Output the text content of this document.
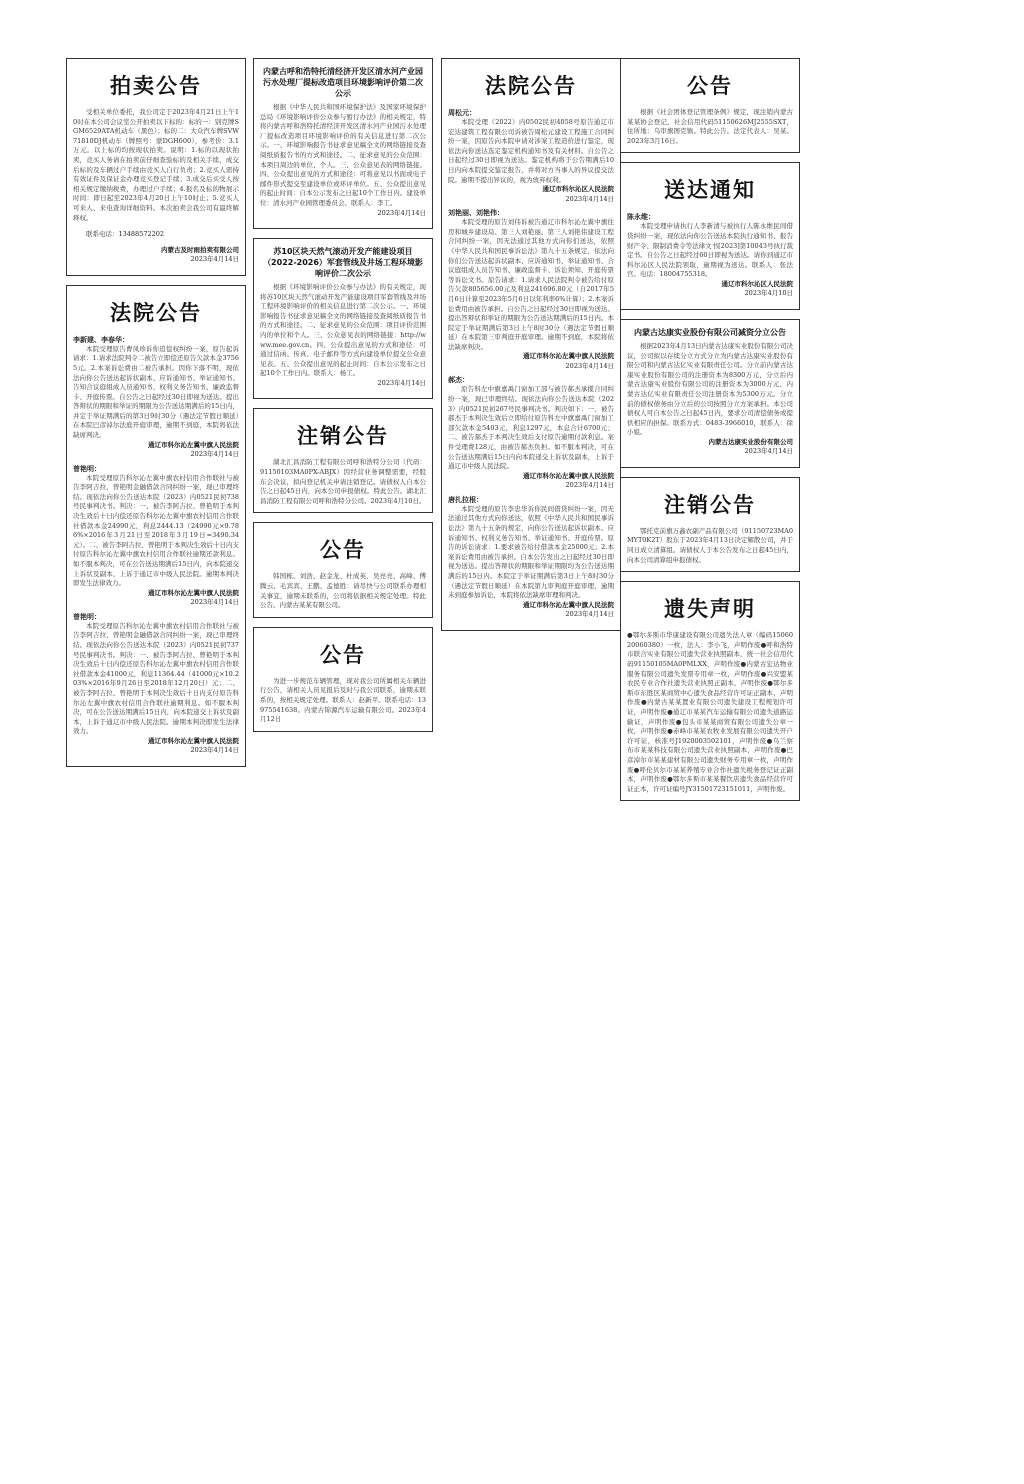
拍卖公告

受相关单位委托，我公司定于2023年4月21日上午10时在本公司会议室公开拍卖以下标的：标的一：别克牌SGM6529ATA机动车（黑色）；标的二：大众汽车牌SVW71810DJ机动车（牌照号：蒙DGH600），参考价：3.1万元。以上标的均按现状拍卖。说明：1.标的以现状拍卖，竞买人务请在拍卖前仔细查验标的及相关手续，成交后标的及车辆过户手续由竞买人自行负责；2.竞买人需持有效证件及保证金办理竞买登记手续；3.成交后买受人按相关规定缴纳税费，办理过户手续；4.报名及标的物展示时间：即日起至2023年4月20日上午10时止；5.竞买人可来人、来电查询详细资料。本次拍卖会我公司有最终解释权。

联系电话：13488572202

内蒙古及时雨拍卖有限公司
2023年4月14日
法院公告
李新建、李春华：

本院受理原告曹凤珍诉你追偿权纠纷一案，原告起诉请求：1.请求法院判令二被告立即偿还原告欠款本金37565元。2.本案诉讼费由二被告承担。因你下落不明，现依法向你公告送达起诉状副本、应诉通知书、举证通知书、告知合议庭组成人员通知书、权利义务告知书、廉政监督卡、开庭传票。自公告之日起经过30日即视为送达。提出答辩状的期限和举证的期限为公告送达期满后的15日内，并定于举证期满后的第3日9时30分（遇法定节假日顺延）在本院巴彦淖尔法庭开庭审理，逾期不到庭，本院将依法缺席判决。

通辽市科尔沁左翼中旗人民法院
2023年4月14日
曾艳明：

本院受理原告科尔沁左翼中旗农村信用合作联社与被告李阿吉拉、曾艳明金融借款合同纠纷一案，现已审理终结。现依法向你公告送达本院（2023）内0521民初738号民事判决书。判决：一、被告李阿吉拉、曾艳明于本判决生效后十日内偿还原告科尔沁左翼中旗农村信用合作联社借款本金24990元，利息2444.13（24990元×9.786%×2016年3月21日至2018年3月19日=3490.34元）。二、被告李阿吉拉、曾艳明于本判决生效后十日内支付原告科尔沁左翼中旗农村信用合作联社逾期还款利息。如不服本判决，可在公告送达期满后15日内，向本院递交上诉状及副本，上诉于通辽市中级人民法院。逾期本判决即发生法律效力。

通辽市科尔沁左翼中旗人民法院
2023年4月14日
曾艳明：

本院受理原告科尔沁左翼中旗农村信用合作联社与被告李阿吉拉、曾艳明金融借款合同纠纷一案，现已审理终结。现依法向你公告送达本院（2023）内0521民初737号民事判决书。判决：一、被告李阿吉拉、曾艳明于本判决生效后十日内偿还原告科尔沁左翼中旗农村信用合作联社借款本金41000元，利息11364.44（41000元×10.203%×2016年9月26日至2018年12月20日）元；二、被告李阿吉拉、曾艳明于本判决生效后十日内支付原告科尔沁左翼中旗农村信用合作联社逾期利息。如不服本判决，可在公告送达期满后15日内，向本院递交上诉状及副本，上诉于通辽市中级人民法院。逾期本判决即发生法律效力。

通辽市科尔沁左翼中旗人民法院
2023年4月14日
内蒙古呼和浩特托清经济开发区清水河产业园污水处理厂提标改造项目环境影响评价第二次公示

根据《中华人民共和国环境保护法》及国家环境保护总局《环境影响评价公众参与暂行办法》的相关规定，特将内蒙古呼和浩特托清经济开发区清水河产业园污水处理厂提标改造项目环境影响评价的有关信息进行第二次公示。一、环境影响报告书征求意见稿全文的网络链接及查阅纸质报告书的方式和途径。二、征求意见的公众范围：本项目周边的单位、个人。三、公众意见表的网络链接。四、公众提出意见的方式和途径：可将意见以书面或电子邮件形式提交至建设单位或环评单位。五、公众提出意见的起止时间：自本公示发布之日起10个工作日内。建设单位：清水河产业园管理委员会。联系人：李工。

2023年4月14日
苏10区块天然气滚动开发产能建设项目（2022-2026）军套管线及井场工程环境影响评价二次公示

根据《环境影响评价公众参与办法》的有关规定，现将苏10区块天然气滚动开发产能建设项目军套管线及井场工程环境影响评价的相关信息进行第二次公示。一、环境影响报告书征求意见稿全文的网络链接及查阅纸质报告书的方式和途径。二、征求意见的公众范围：项目评价范围内的单位和个人。三、公众意见表的网络链接：http://www.mee.gov.cn。四、公众提出意见的方式和途径：可通过信函、传真、电子邮件等方式向建设单位提交公众意见表。五、公众提出意见的起止时间：自本公示发布之日起10个工作日内。联系人：杨工。

2023年4月14日
注销公告

湖北汇昌消防工程有限公司呼和浩特分公司（代码：91150103MA0PX-ABJX）因经营业务调整需要，经股东会决议，拟向登记机关申请注销登记。请债权人自本公告之日起45日内，向本公司申报债权。特此公告。湖北汇昌消防工程有限公司呼和浩特分公司。2023年4月10日。

公告

韩国栋、刘浩、赵金龙、杜成英、吴亮亮、高峰、傅腾云、毛宾宾、王鹏、孟德胜：请尽快与公司联系办理相关事宜，逾期未联系的，公司将依据相关规定处理。特此公告。内蒙古某某有限公司。

公告

为进一步规范车辆管理，现对我公司所属相关车辆进行公告，请相关人员见报后及时与我公司联系，逾期未联系的，按相关规定处理。联系人：赵新平。联系电话：13975541638。内蒙古锦源汽车运输有限公司。2023年4月12日

法院公告
周松元：

本院受理（2022）内0502民初4058号原告通辽市宏达建筑工程有限公司诉被告周松元建设工程施工合同纠纷一案，因原告向本院申请对涉案工程造价进行鉴定，现依法向你送达选定鉴定机构通知书及有关材料。自公告之日起经过30日即视为送达。鉴定机构将于公告期满后10日内向本院提交鉴定报告，并将对方当事人的异议提交法院。逾期不提出异议的，视为放弃权利。

通辽市科尔沁区人民法院
2023年4月14日
刘艳丽、刘艳伟：

本院受理的原告刘伟诉被告通辽市科尔沁左翼中旗住房和城乡建设局、第三人刘艳丽、第三人刘艳伟建设工程合同纠纷一案，因无法通过其他方式向你们送达，依照《中华人民共和国民事诉讼法》第九十五条规定，依法向你们公告送达起诉状副本、应诉通知书、举证通知书、合议庭组成人员告知书、廉政监督卡、诉讼须知、开庭传票等诉讼文书。原告请求：1.请求人民法院判令被告给付原告欠款805656.00元及利息241696.80元（自2017年5月6日计算至2023年5月6日以年利率6%计算）；2.本案诉讼费用由被告承担。自公告之日起经过30日即视为送达。提出答辩状和举证的期限为公告送达期满后的15日内。本院定于举证期满后第3日上午8时30分（遇法定节假日顺延）在本院第三审判庭开庭审理。逾期不到庭，本院将依法缺席判决。

通辽市科尔沁左翼中旗人民法院
2023年4月14日
郝杰：

原告科左中旗嘉禹门窗加工部与被告郝杰承揽合同纠纷一案，现已审理终结。现依法向你公告送达本院（2023）内0521民初267号民事判决书。判决如下：一、被告郝杰于本判决生效后立即给付原告科左中旗嘉禹门窗加工部欠款本金5403元，利息1297元，本息合计6700元；二、被告郝杰于本判决生效后支付原告逾期付款利息。案件受理费128元，由被告郝杰负担。如不服本判决，可在公告送达期满后15日内向本院递交上诉状及副本，上诉于通辽市中级人民法院。

通辽市科尔沁左翼中旗人民法院
2023年4月14日
唐扎拉根：

本院受理的原告李忠华诉你民间借贷纠纷一案，因无法通过其他方式向你送达，依照《中华人民共和国民事诉讼法》第九十五条的规定，向你公告送达起诉状副本、应诉通知书、权利义务告知书、举证通知书、开庭传票。原告的诉讼请求：1.要求被告给付借款本金25000元；2.本案诉讼费用由被告承担。自本公告发出之日起经过30日即视为送达。提出答辩状的期限和举证期限均为公告送达期满后的15日内。本院定于举证期满后第3日上午8时30分（遇法定节假日顺延）在本院第九审判庭开庭审理，逾期未到庭参加诉讼，本院将依法缺席审理和判决。

通辽市科尔沁左翼中旗人民法院
2023年4月14日
公告

根据《社会团体登记管理条例》规定，现注销内蒙古某某协会登记，社会信用代码51150626MJ2555SXT，住所地：乌审旗图克镇。特此公告。法定代表人：吴某。2023年3月16日。

送达通知
陈永维：

本院受理申请执行人李新清与被执行人陈永维民间借贷纠纷一案，现依法向你公告送达本院执行通知书、报告财产令、限制消费令等法律文书[2023]第10043号执行裁定书。自公告之日起经过60日即视为送达。请你到通辽市科尔沁区人民法院领取，逾期视为送达。联系人：张法官。电话：18004755318。

通辽市科尔沁区人民法院
2023年4月10日
内蒙古达康实业股份有限公司减资分立公告

根据2023年4月13日内蒙古达康实业股份有限公司决议，公司拟以存续分立方式分立为内蒙古达康实业股份有限公司和内蒙古达亿实业有限责任公司。分立前内蒙古达康实业股份有限公司的注册资本为8300万元，分立后内蒙古达康实业股份有限公司的注册资本为3000万元，内蒙古达亿实业有限责任公司注册资本为5300万元。分立前的债权债务由分立后的公司按照分立方案承担。本公司债权人可自本公告之日起45日内，要求公司清偿债务或提供相应的担保。联系方式：0483-3966010，联系人：徐小姐。

内蒙古达康实业股份有限公司
2023年4月14日
注销公告

鄂托克前旗万鑫农副产品有限公司（91150723MA0MYT0K2T）股东于2023年4月13日决定解散公司，并于同日成立清算组。请债权人于本公告发布之日起45日内，向本公司清算组申报债权。

遗失声明

●鄂尔多斯市华康建设有限公司遗失法人章（编码1506020060380）一枚，法人：李小飞，声明作废●呼和浩特市联合实业有限公司遗失营业执照副本，统一社会信用代码91150105MA0PMLXX，声明作废●内蒙古宏达物业服务有限公司遗失发票专用章一枚，声明作废●兴安盟某农民专业合作社遗失营业执照正副本，声明作废●鄂尔多斯市东胜区某商贸中心遗失食品经营许可证正副本，声明作废●内蒙古某某置业有限公司遗失建设工程规划许可证，声明作废●通辽市某某汽车运输有限公司遗失道路运输证，声明作废●包头市某某商贸有限公司遗失公章一枚，声明作废●赤峰市某某农牧业发展有限公司遗失开户许可证，核准号J1920003502101，声明作废●乌兰察布市某某科技有限公司遗失营业执照副本，声明作废●巴彦淖尔市某某建材有限公司遗失财务专用章一枚，声明作废●呼伦贝尔市某某养殖专业合作社遗失税务登记证正副本，声明作废●鄂尔多斯市某某餐饮店遗失食品经营许可证正本，许可证编号JY31501723151011，声明作废。
